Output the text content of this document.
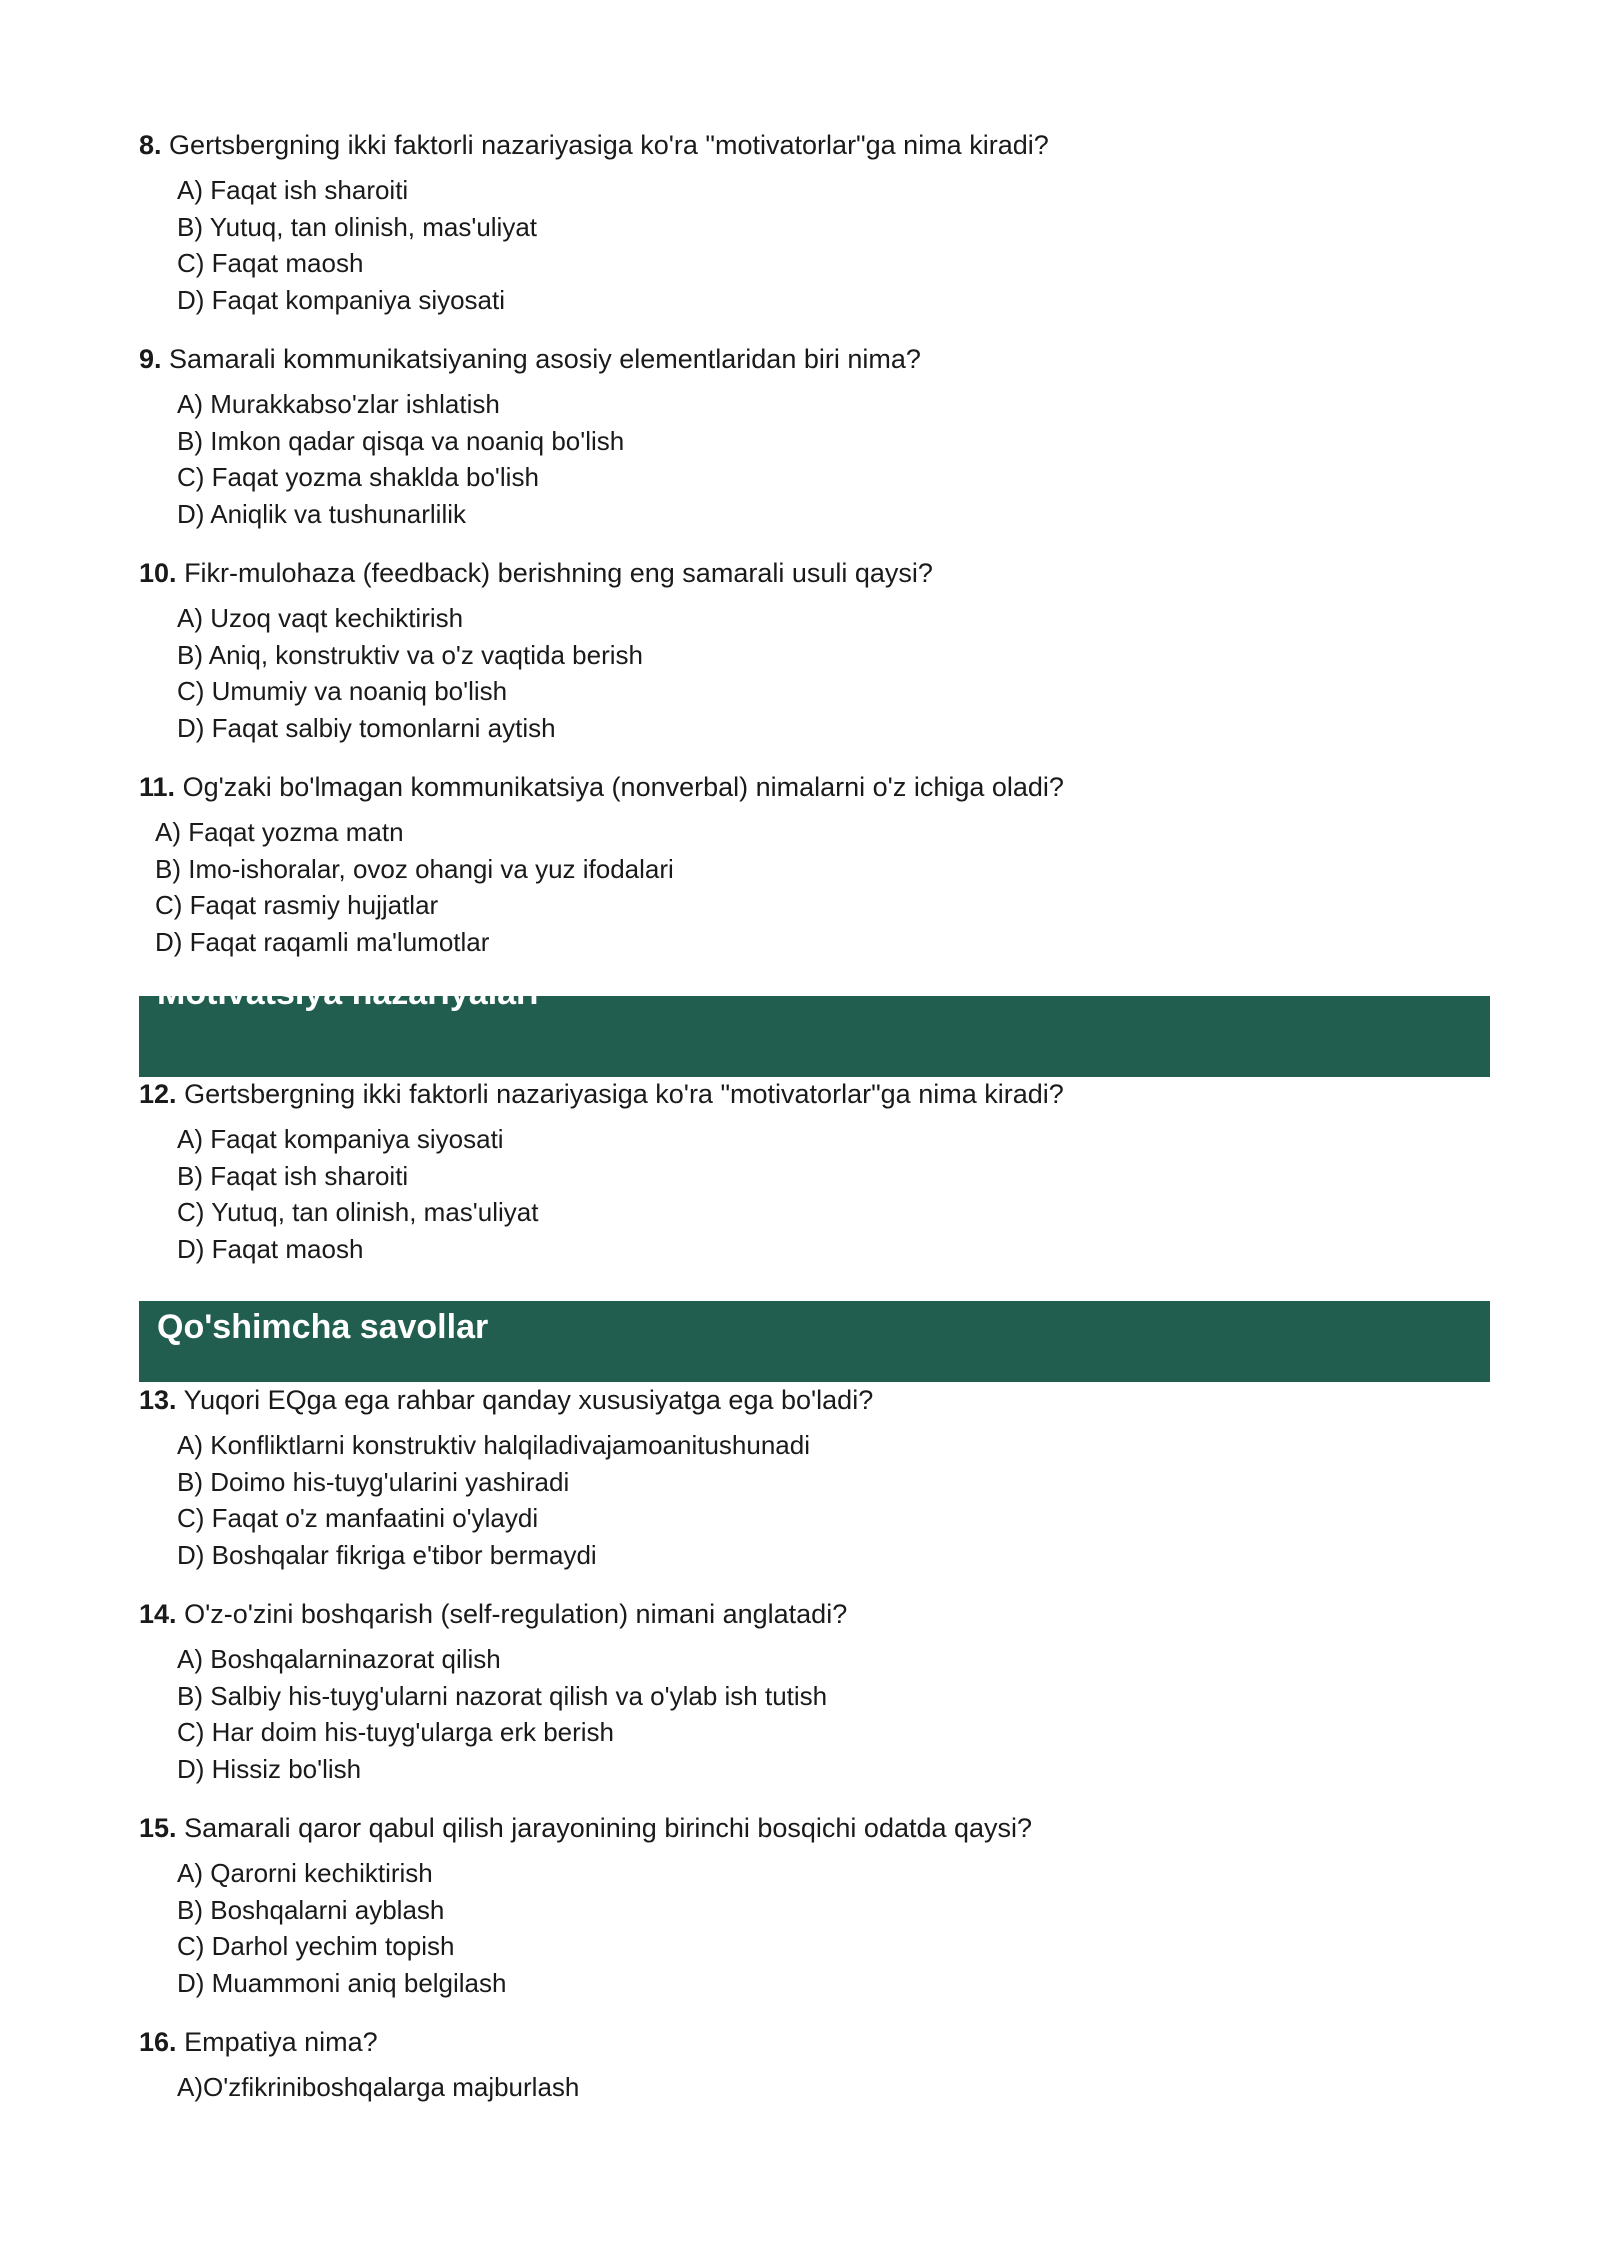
8. Gertsbergning ikki faktorli nazariyasiga ko'ra "motivatorlar"ga nima kiradi?
A) Faqat ish sharoiti
B) Yutuq, tan olinish, mas'uliyat
C) Faqat maosh
D) Faqat kompaniya siyosati
9. Samarali kommunikatsiyaning asosiy elementlaridan biri nima?
A) Murakkabso'zlar ishlatish
B) Imkon qadar qisqa va noaniq bo'lish
C) Faqat yozma shaklda bo'lish
D) Aniqlik va tushunarlilik
10. Fikr-mulohaza (feedback) berishning eng samarali usuli qaysi?
A) Uzoq vaqt kechiktirish
B) Aniq, konstruktiv va o'z vaqtida berish
C) Umumiy va noaniq bo'lish
D) Faqat salbiy tomonlarni aytish
11. Og'zaki bo'lmagan kommunikatsiya (nonverbal) nimalarni o'z ichiga oladi?
A) Faqat yozma matn
B) Imo-ishoralar, ovoz ohangi va yuz ifodalari
C) Faqat rasmiy hujjatlar
D) Faqat raqamli ma'lumotlar
Motivatsiya nazariyalari
12. Gertsbergning ikki faktorli nazariyasiga ko'ra "motivatorlar"ga nima kiradi?
A) Faqat kompaniya siyosati
B) Faqat ish sharoiti
C) Yutuq, tan olinish, mas'uliyat
D) Faqat maosh
Qo'shimcha savollar
13. Yuqori EQga ega rahbar qanday xususiyatga ega bo'ladi?
A) Konfliktlarni konstruktiv halqiladivajamoanitushunadi
B) Doimo his-tuyg'ularini yashiradi
C) Faqat o'z manfaatini o'ylaydi
D) Boshqalar fikriga e'tibor bermaydi
14. O'z-o'zini boshqarish (self-regulation) nimani anglatadi?
A) Boshqalarninazorat qilish
B) Salbiy his-tuyg'ularni nazorat qilish va o'ylab ish tutish
C) Har doim his-tuyg'ularga erk berish
D) Hissiz bo'lish
15. Samarali qaror qabul qilish jarayonining birinchi bosqichi odatda qaysi?
A) Qarorni kechiktirish
B) Boshqalarni ayblash
C) Darhol yechim topish
D) Muammoni aniq belgilash
16. Empatiya nima?
A)O'zfikriniboshqalarga majburlash
